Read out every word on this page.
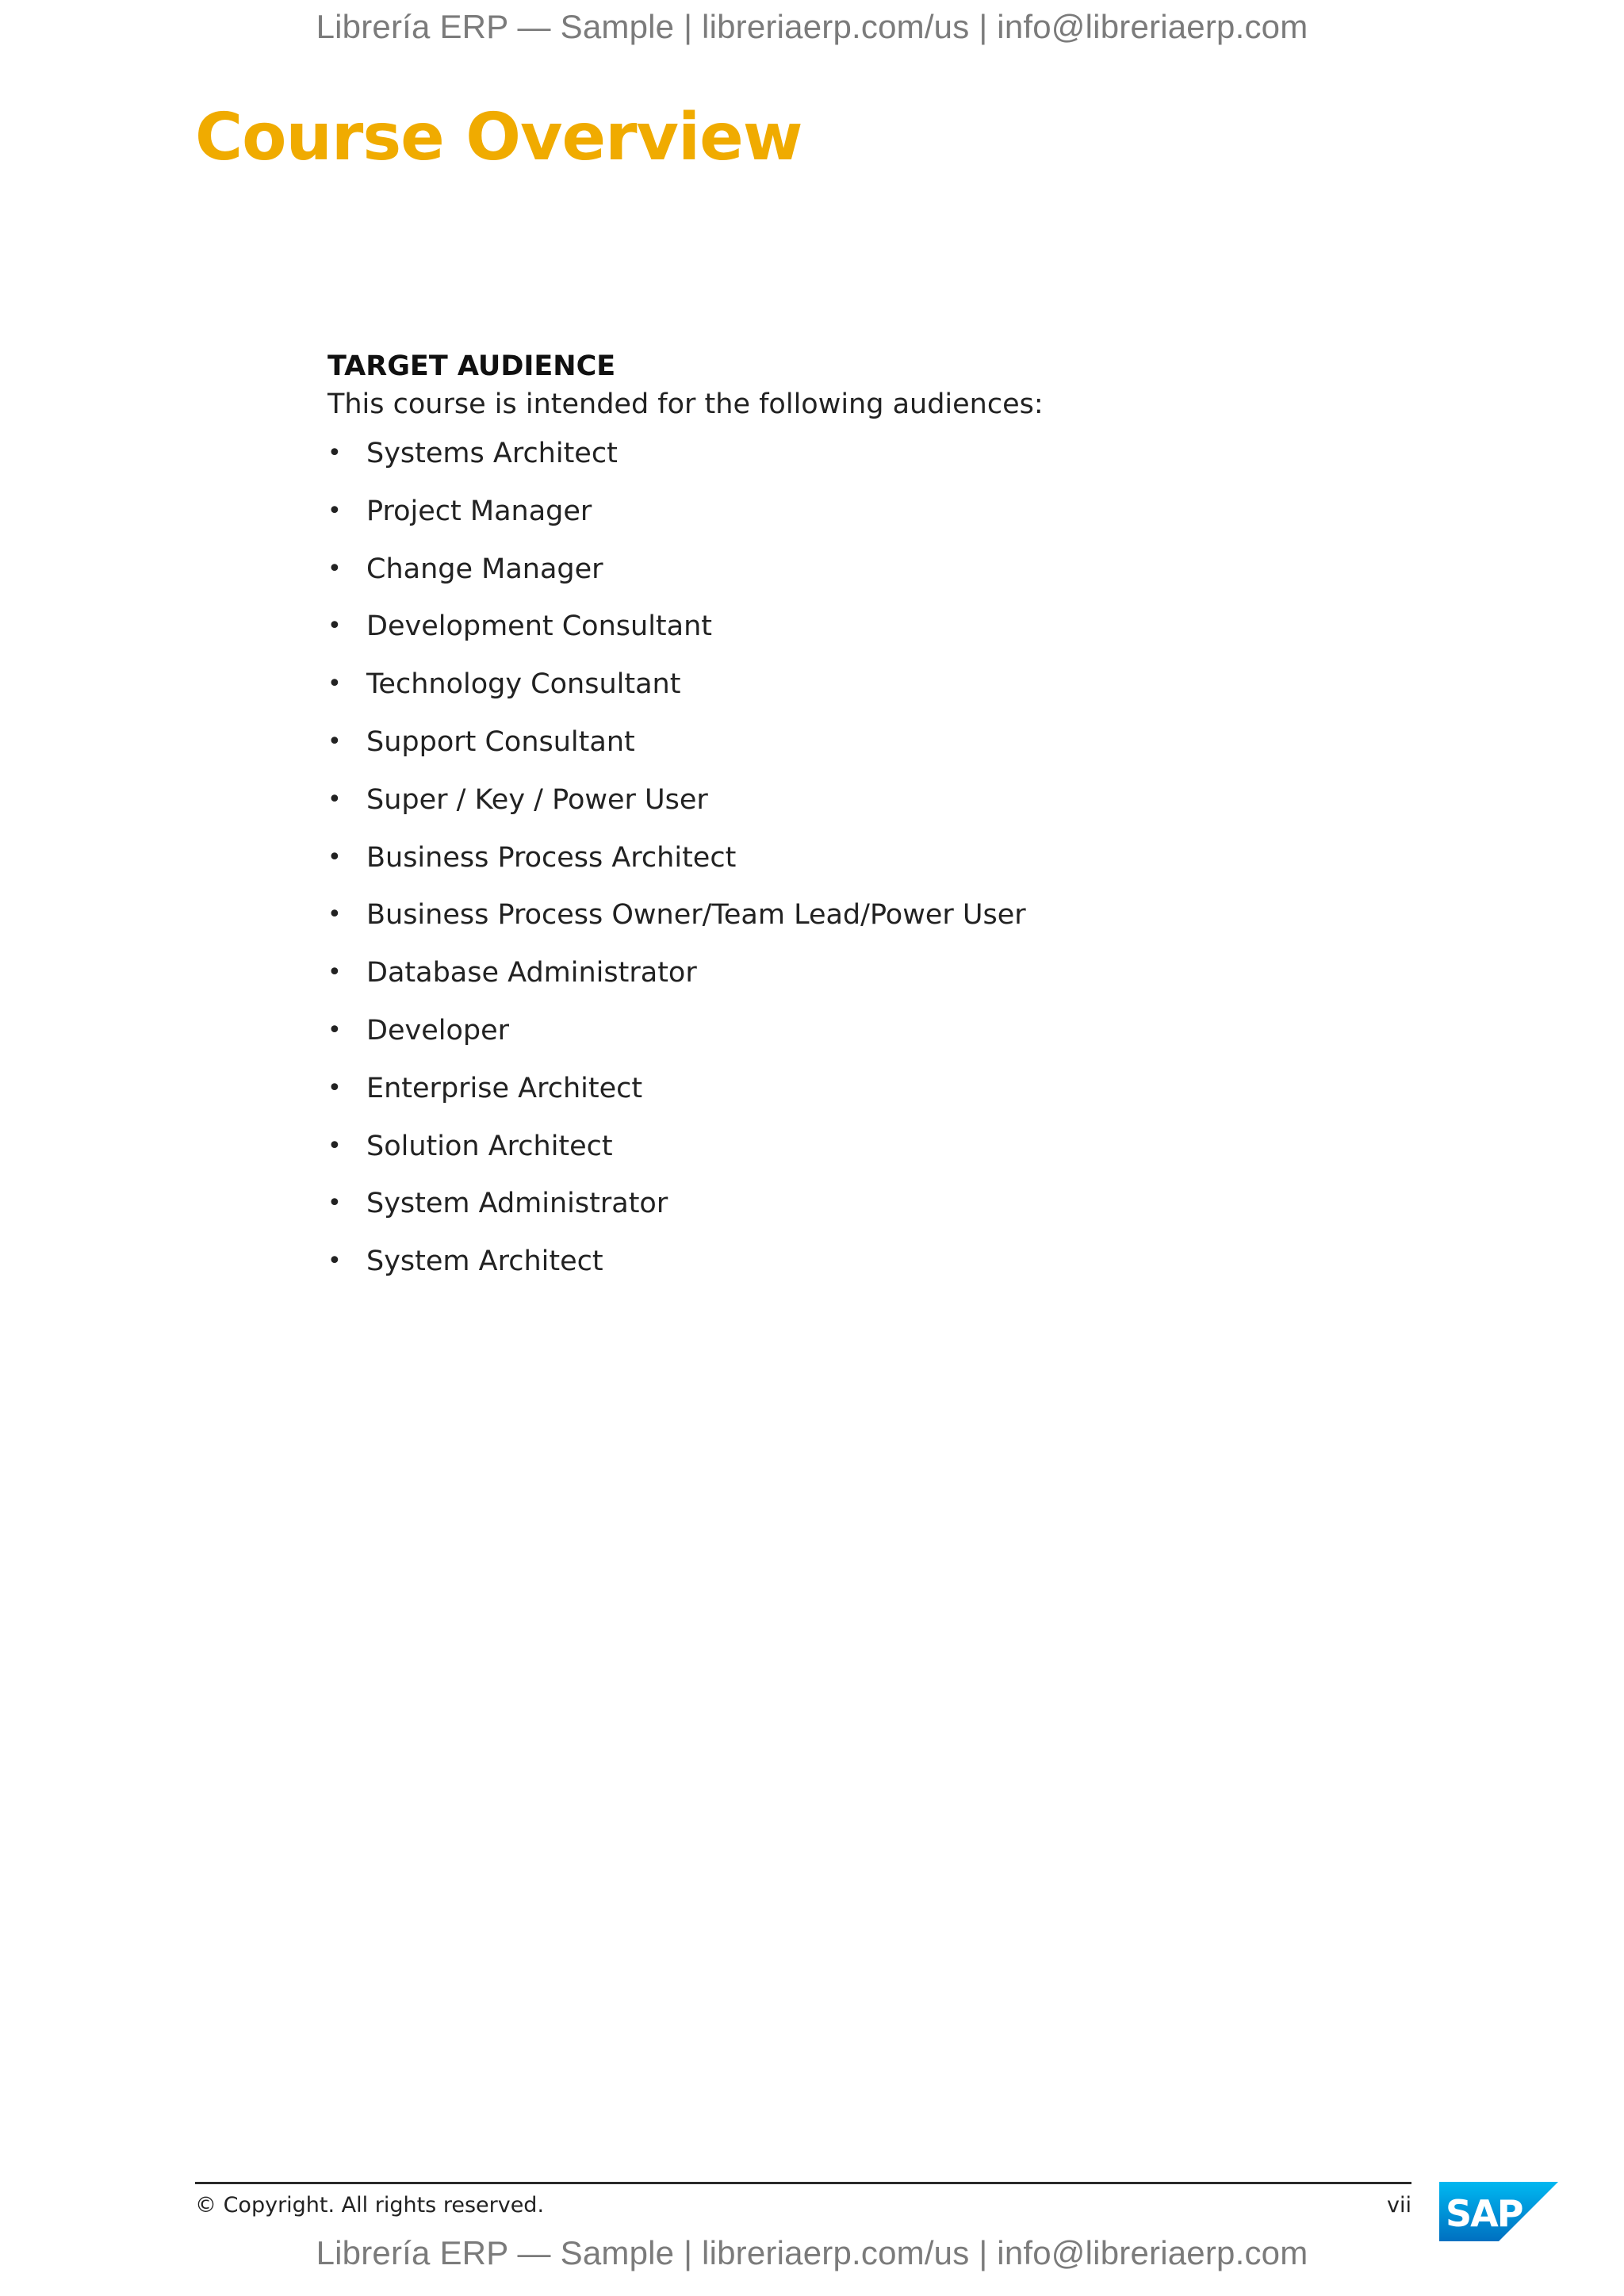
Librería ERP — Sample | libreriaerp.com/us | info@libreriaerp.com
Course Overview

TARGET AUDIENCE

This course is intended for the following audiences:

• Systems Architect
• Project Manager
• Change Manager
• Development Consultant
• Technology Consultant
• Support Consultant
• Super / Key / Power User
• Business Process Architect
• Business Process Owner/Team Lead/Power User
• Database Administrator
• Developer
• Enterprise Architect
• Solution Architect
• System Administrator
• System Architect
© Copyright. All rights reserved.	vii SAP
Librería ERP — Sample | libreriaerp.com/us | info@libreriaerp.com
